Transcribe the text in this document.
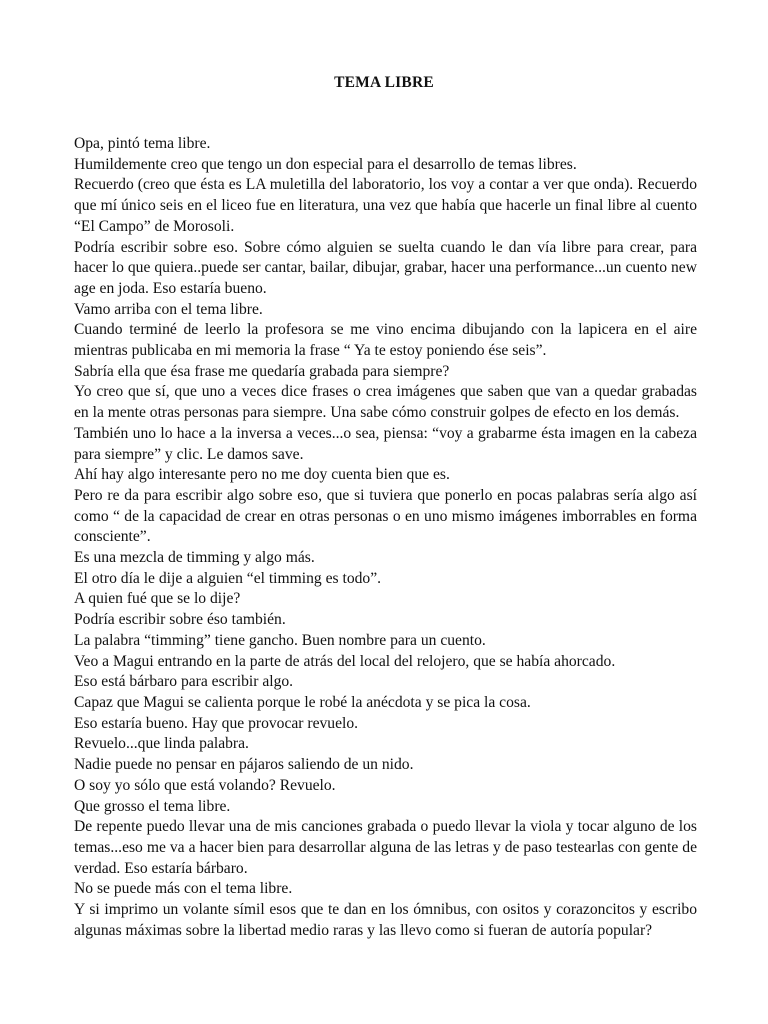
TEMA LIBRE

Opa, pintó tema libre.

Humildemente creo que tengo un don especial para el desarrollo de temas libres.

Recuerdo (creo que ésta es LA muletilla del laboratorio, los voy a contar a ver que onda). Recuerdo que mí único seis en el liceo fue en literatura, una vez que había que hacerle un final libre al cuento “El Campo” de Morosoli.

Podría escribir sobre eso. Sobre cómo alguien se suelta cuando le dan vía libre para crear, para hacer lo que quiera..puede ser cantar, bailar, dibujar, grabar, hacer una performance...un cuento new age en joda. Eso estaría bueno.

Vamo arriba con el tema libre.

Cuando terminé de leerlo la profesora se me vino encima dibujando con la lapicera en el aire mientras publicaba en mi memoria la frase “ Ya te estoy poniendo ése seis”.

Sabría ella que ésa frase me quedaría grabada para siempre?

Yo creo que sí, que uno a veces dice frases o crea imágenes que saben que van a quedar grabadas en la mente otras personas para siempre. Una sabe cómo construir golpes de efecto en los demás.

También uno lo hace a la inversa a veces...o sea, piensa: “voy a grabarme ésta imagen en la cabeza para siempre” y clic. Le damos save.

Ahí hay algo interesante pero no me doy cuenta bien que es.

Pero re da para escribir algo sobre eso, que si tuviera que ponerlo en pocas palabras sería algo así como “ de la capacidad de crear en otras personas o en uno mismo imágenes imborrables en forma consciente”.

Es una mezcla de timming y algo más.

El otro día le dije a alguien “el timming es todo”.

A quien fué que se lo dije?

Podría escribir sobre éso también.

La palabra “timming” tiene gancho. Buen nombre para un cuento.

Veo a Magui entrando en la parte de atrás del local del relojero, que se había ahorcado.

Eso está bárbaro para escribir algo.

Capaz que Magui se calienta porque le robé la anécdota y se pica la cosa.

Eso estaría bueno. Hay que provocar revuelo.

Revuelo...que linda palabra.

Nadie puede no pensar en pájaros saliendo de un nido.

O soy yo sólo que está volando? Revuelo.

Que grosso el tema libre.

De repente puedo llevar una de mis canciones grabada o puedo llevar la viola y tocar alguno de los temas...eso me va a hacer bien para desarrollar alguna de las letras y de paso testearlas con gente de verdad. Eso estaría bárbaro.

No se puede más con el tema libre.

Y si imprimo un volante símil esos que te dan en los ómnibus, con ositos y corazoncitos y escribo algunas máximas sobre la libertad medio raras y las llevo como si fueran de autoría popular?
